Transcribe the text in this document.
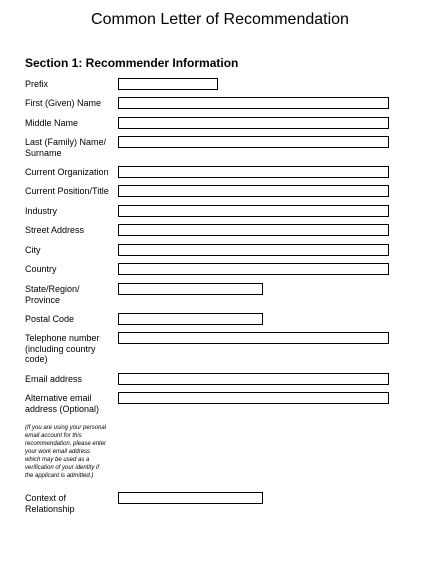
Common Letter of Recommendation
Section 1: Recommender Information
Prefix
First (Given) Name
Middle Name
Last (Family) Name/ Surname
Current Organization
Current Position/Title
Industry
Street Address
City
Country
State/Region/ Province
Postal Code
Telephone number (including country code)
Email address
Alternative email address (Optional)
(If you are using your personal email account for this recommendation, please enter your work email address which may be used as a verification of your identity if the applicant is admitted.)
Context of Relationship
